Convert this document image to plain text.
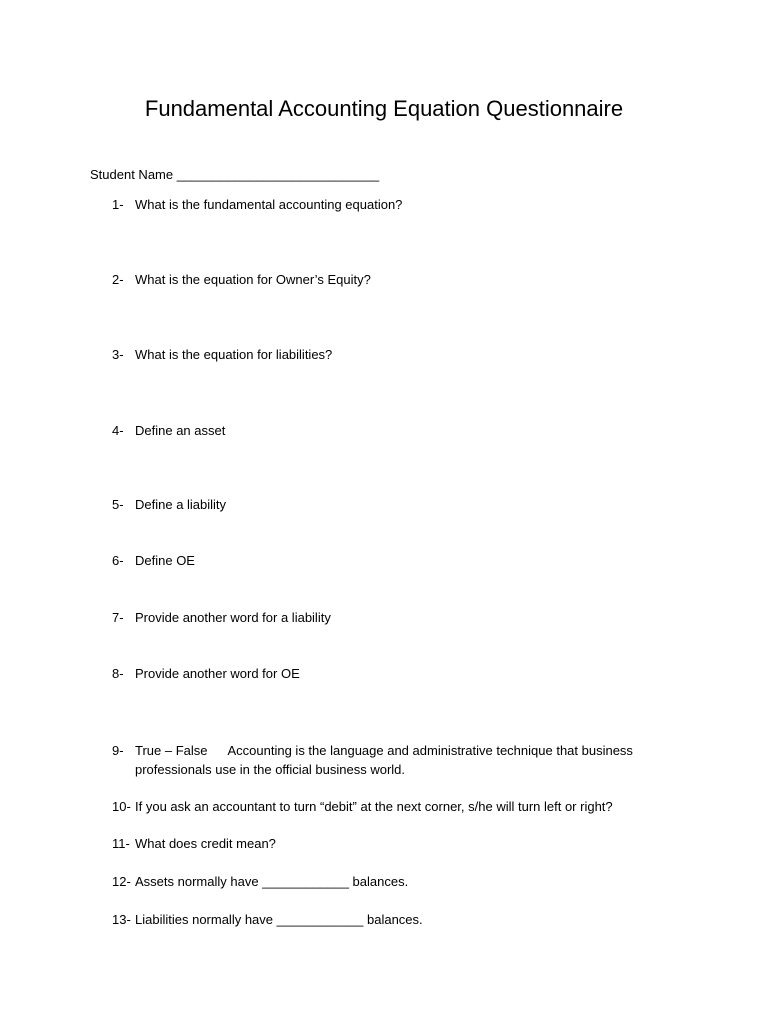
Fundamental Accounting Equation Questionnaire
Student Name ____________________________
1- What is the fundamental accounting equation?
2- What is the equation for Owner’s Equity?
3- What is the equation for liabilities?
4- Define an asset
5- Define a liability
6- Define OE
7- Provide another word for a liability
8- Provide another word for OE
9- True – False Accounting is the language and administrative technique that business professionals use in the official business world.
10- If you ask an accountant to turn “debit” at the next corner, s/he will turn left or right?
11- What does credit mean?
12- Assets normally have ____________ balances.
13- Liabilities normally have ____________ balances.
